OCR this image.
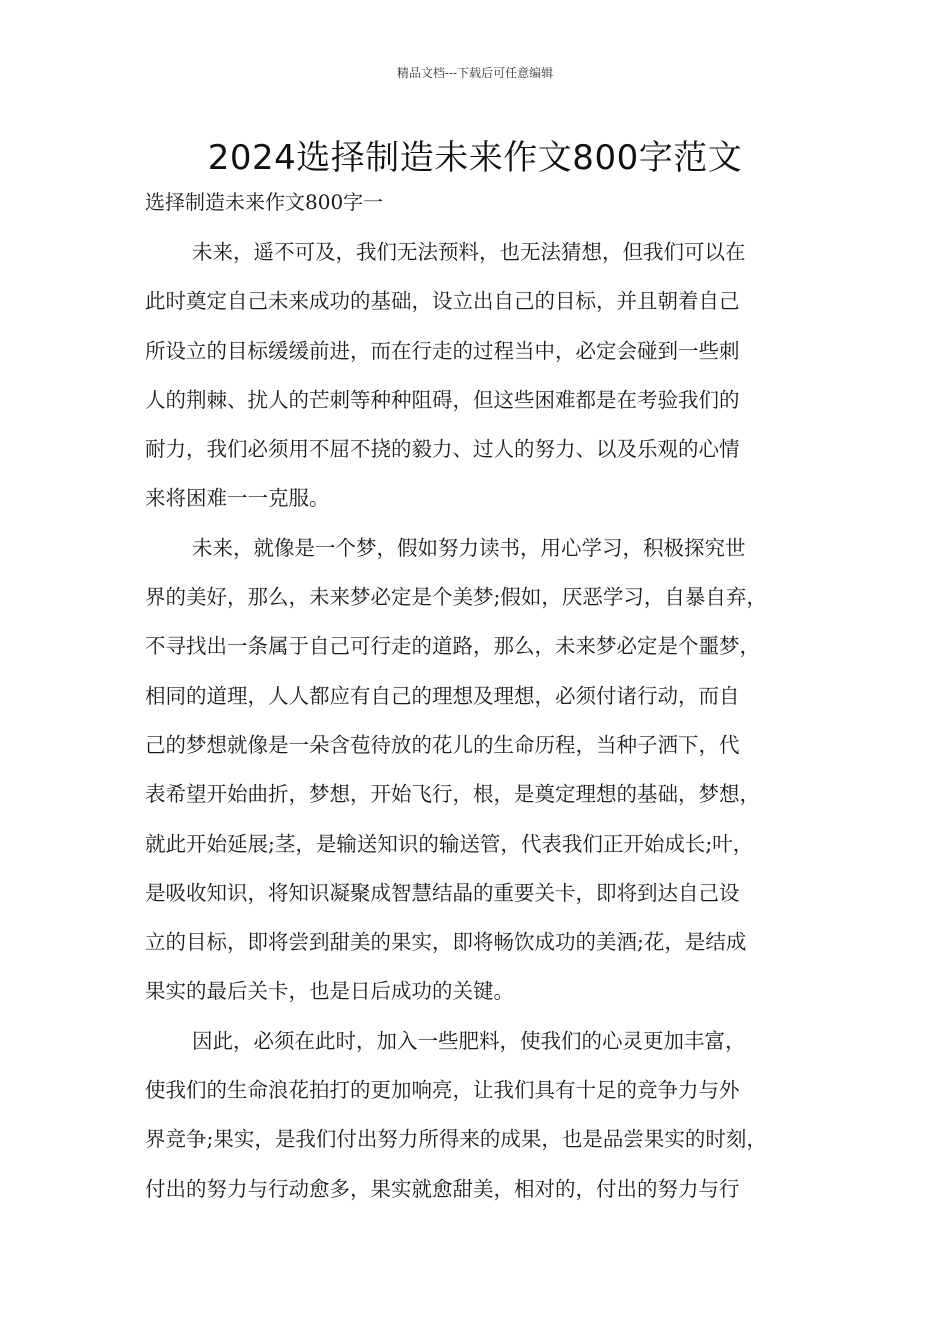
精品文档---下载后可任意编辑
2024选择制造未来作文800字范文
选择制造未来作文800字一
未来，遥不可及，我们无法预料，也无法猜想，但我们可以在
此时奠定自己未来成功的基础，设立出自己的目标，并且朝着自己
所设立的目标缓缓前进，而在行走的过程当中，必定会碰到一些刺
人的荆棘、扰人的芒刺等种种阻碍，但这些困难都是在考验我们的
耐力，我们必须用不屈不挠的毅力、过人的努力、以及乐观的心情
来将困难一一克服。
未来，就像是一个梦，假如努力读书，用心学习，积极探究世
界的美好，那么，未来梦必定是个美梦;假如，厌恶学习，自暴自弃，
不寻找出一条属于自己可行走的道路，那么，未来梦必定是个噩梦，
相同的道理，人人都应有自己的理想及理想，必须付诸行动，而自
己的梦想就像是一朵含苞待放的花儿的生命历程，当种子洒下，代
表希望开始曲折，梦想，开始飞行，根，是奠定理想的基础，梦想，
就此开始延展;茎，是输送知识的输送管，代表我们正开始成长;叶，
是吸收知识，将知识凝聚成智慧结晶的重要关卡，即将到达自己设
立的目标，即将尝到甜美的果实，即将畅饮成功的美酒;花，是结成
果实的最后关卡，也是日后成功的关键。
因此，必须在此时，加入一些肥料，使我们的心灵更加丰富，
使我们的生命浪花拍打的更加响亮，让我们具有十足的竞争力与外
界竞争;果实，是我们付出努力所得来的成果，也是品尝果实的时刻，
付出的努力与行动愈多，果实就愈甜美，相对的，付出的努力与行
